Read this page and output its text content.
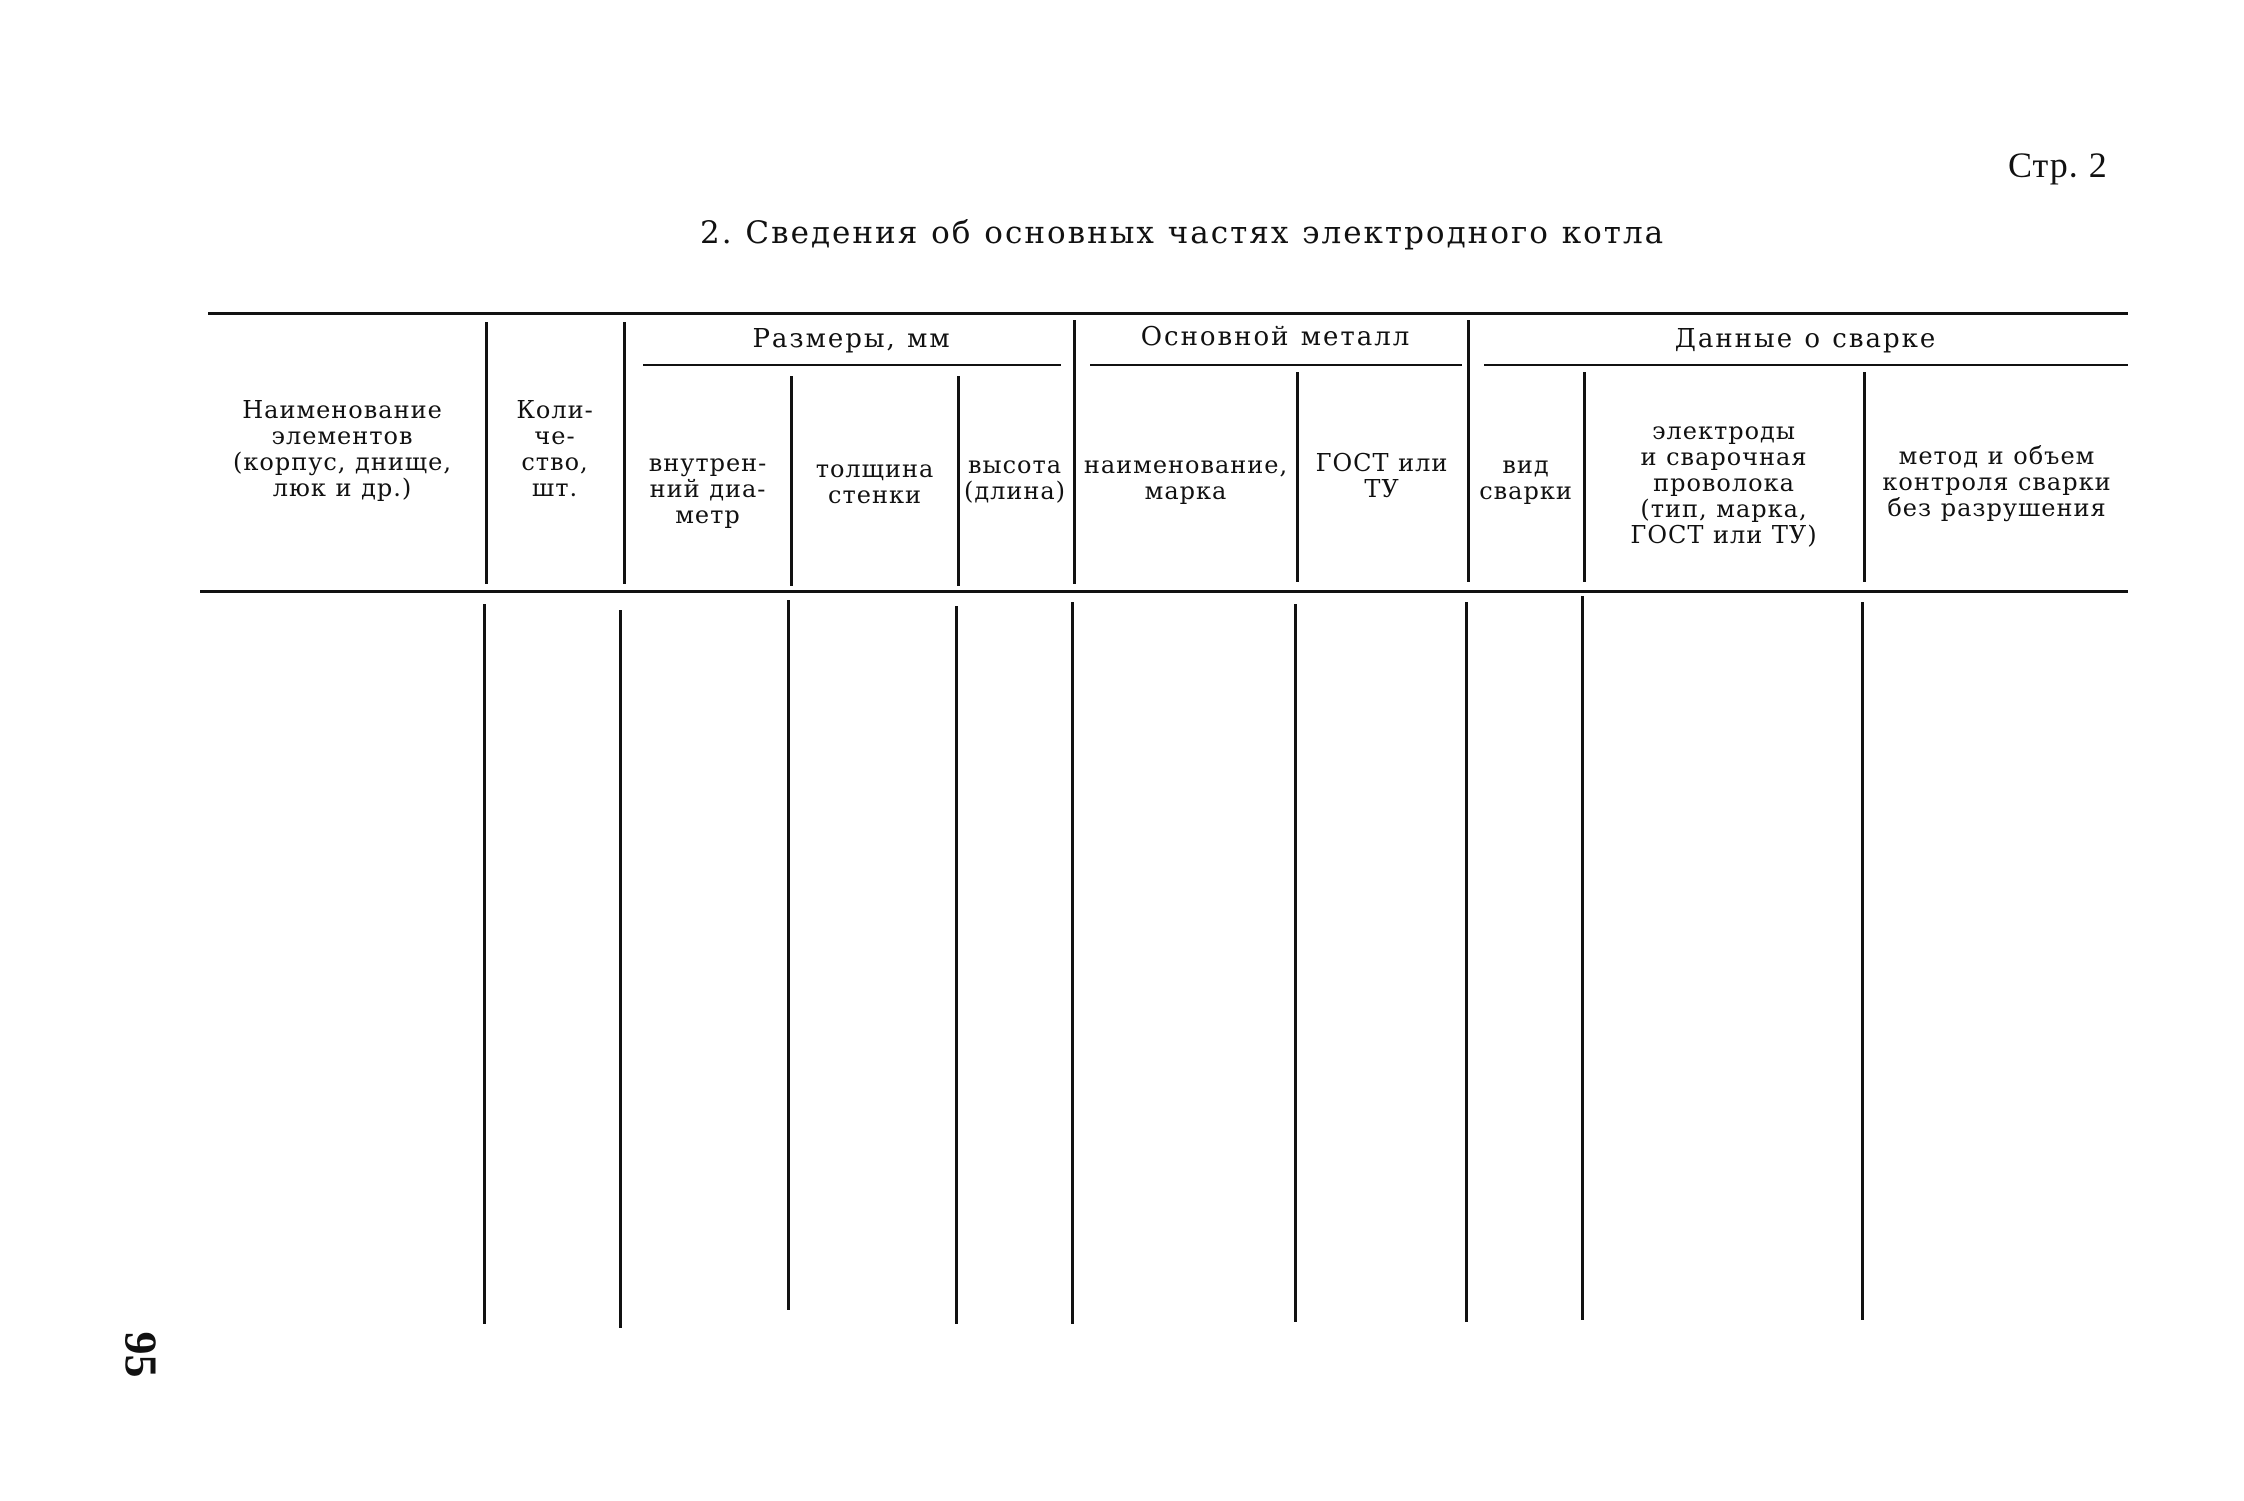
Стр. 2
2. Сведения об основных частях электродного котла
Размеры, мм	Основной металл	Данные о сварке
Наименование
элементов
(корпус, днище,
люк и др.)
Коли-
че-
ство,
шт.
внутрен-
ний диа-
метр
толщина
стенки
высота
(длина)
наименование,
марка
ГОСТ или
ТУ
вид
сварки
электроды
и сварочная
проволока
(тип, марка,
ГОСТ или ТУ)
метод и объем
контроля сварки
без разрушения
95
